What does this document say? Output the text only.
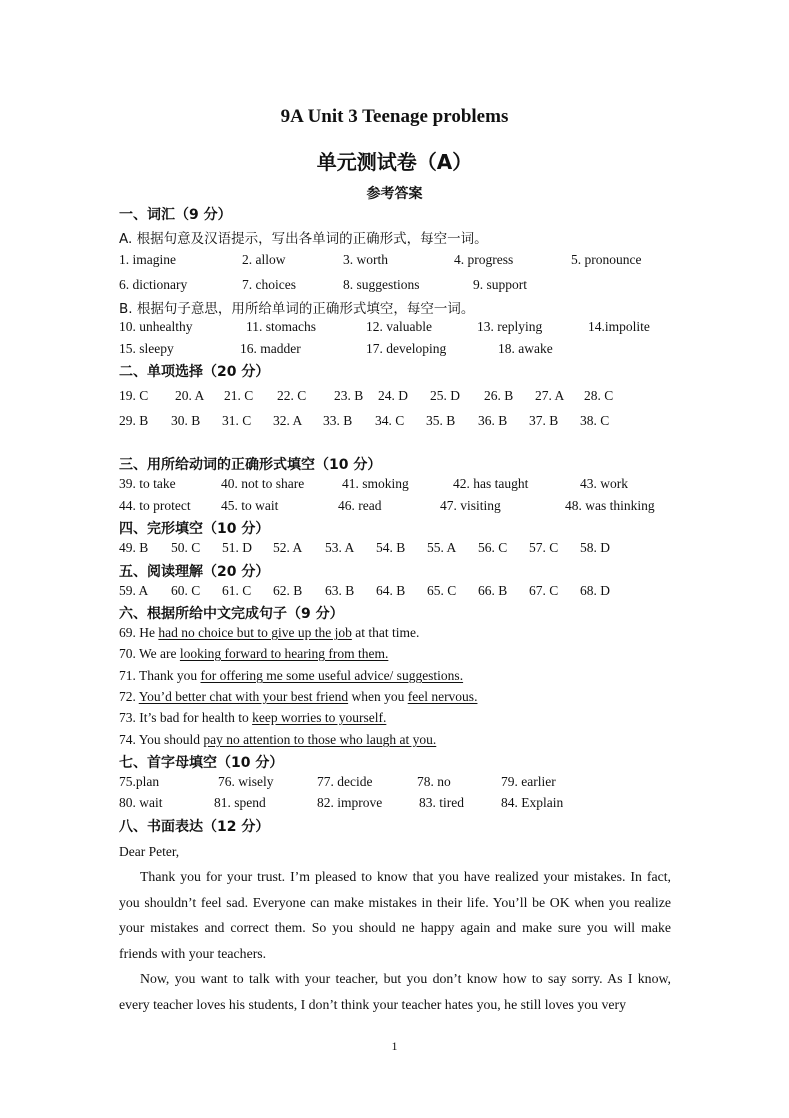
9A Unit 3 Teenage problems
单元测试卷（A）
参考答案
一、词汇（9 分）
A. 根据句意及汉语提示，写出各单词的正确形式，每空一词。
1. imagine	2. allow	3. worth	4. progress	5. pronounce
6. dictionary	7. choices	8. suggestions	9. support
B. 根据句子意思，用所给单词的正确形式填空，每空一词。
10. unhealthy	11. stomachs	12. valuable	13. replying	14.impolite
15. sleepy	16. madder	17. developing	18. awake
二、单项选择（20 分）
19. C 20. A 21. C 22. C 23. B 24. D 25. D 26. B 27. A 28. C
29. B 30. B 31. C 32. A 33. B 34. C 35. B 36. B 37. B 38. C
三、用所给动词的正确形式填空（10 分）
39. to take	40. not to share	41. smoking	42. has taught	43. work
44. to protect 45. to wait	46. read	47. visiting	48. was thinking
四、完形填空（10 分）
49. B 50. C 51. D 52. A 53. A 54. B 55. A 56. C 57. C 58. D
五、阅读理解（20 分）
59. A 60. C 61. C 62. B 63. B 64. B 65. C 66. B 67. C 68. D
六、根据所给中文完成句子（9 分）
69. He had no choice but to give up the job at that time.
70. We are looking forward to hearing from them.
71. Thank you for offering me some useful advice/ suggestions.
72. You’d better chat with your best friend when you feel nervous.
73. It’s bad for health to keep worries to yourself.
74. You should pay no attention to those who laugh at you.
七、首字母填空（10 分）
75.plan	76. wisely	77. decide	78. no	79. earlier
80. wait	81. spend	82. improve	83. tired	84. Explain
八、书面表达（12 分）
Dear Peter,

Thank you for your trust. I’m pleased to know that you have realized your mistakes. In fact, you shouldn’t feel sad. Everyone can make mistakes in their life. You’ll be OK when you realize your mistakes and correct them. So you should ne happy again and make sure you will make friends with your teachers.

Now, you want to talk with your teacher, but you don’t know how to say sorry. As I know, every teacher loves his students, I don’t think your teacher hates you, he still loves you very

1
